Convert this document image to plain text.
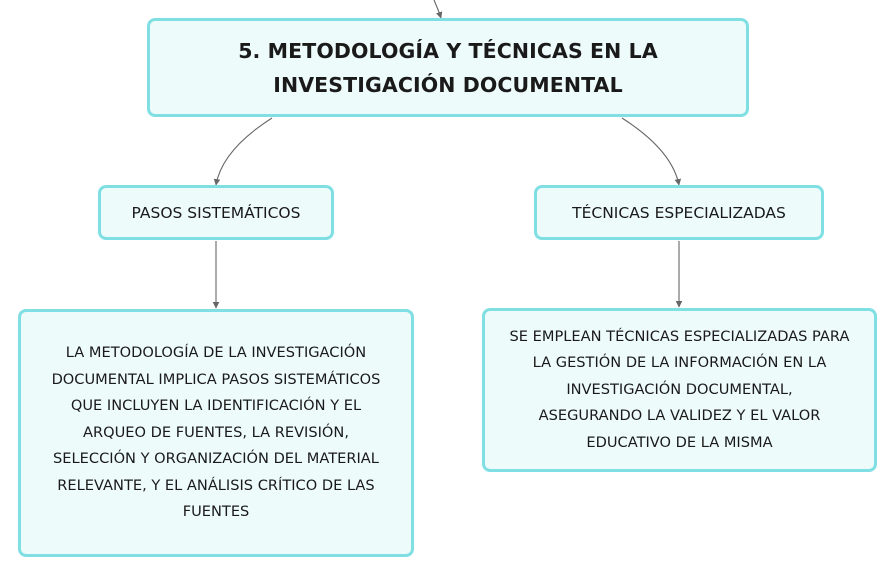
5. METODOLOGÍA Y TÉCNICAS EN LA
INVESTIGACIÓN DOCUMENTAL
PASOS SISTEMÁTICOS	TÉCNICAS ESPECIALIZADAS
LA METODOLOGÍA DE LA INVESTIGACIÓN
DOCUMENTAL IMPLICA PASOS SISTEMÁTICOS
QUE INCLUYEN LA IDENTIFICACIÓN Y EL
ARQUEO DE FUENTES, LA REVISIÓN,
SELECCIÓN Y ORGANIZACIÓN DEL MATERIAL
RELEVANTE, Y EL ANÁLISIS CRÍTICO DE LAS
FUENTES
SE EMPLEAN TÉCNICAS ESPECIALIZADAS PARA
LA GESTIÓN DE LA INFORMACIÓN EN LA
INVESTIGACIÓN DOCUMENTAL,
ASEGURANDO LA VALIDEZ Y EL VALOR
EDUCATIVO DE LA MISMA
